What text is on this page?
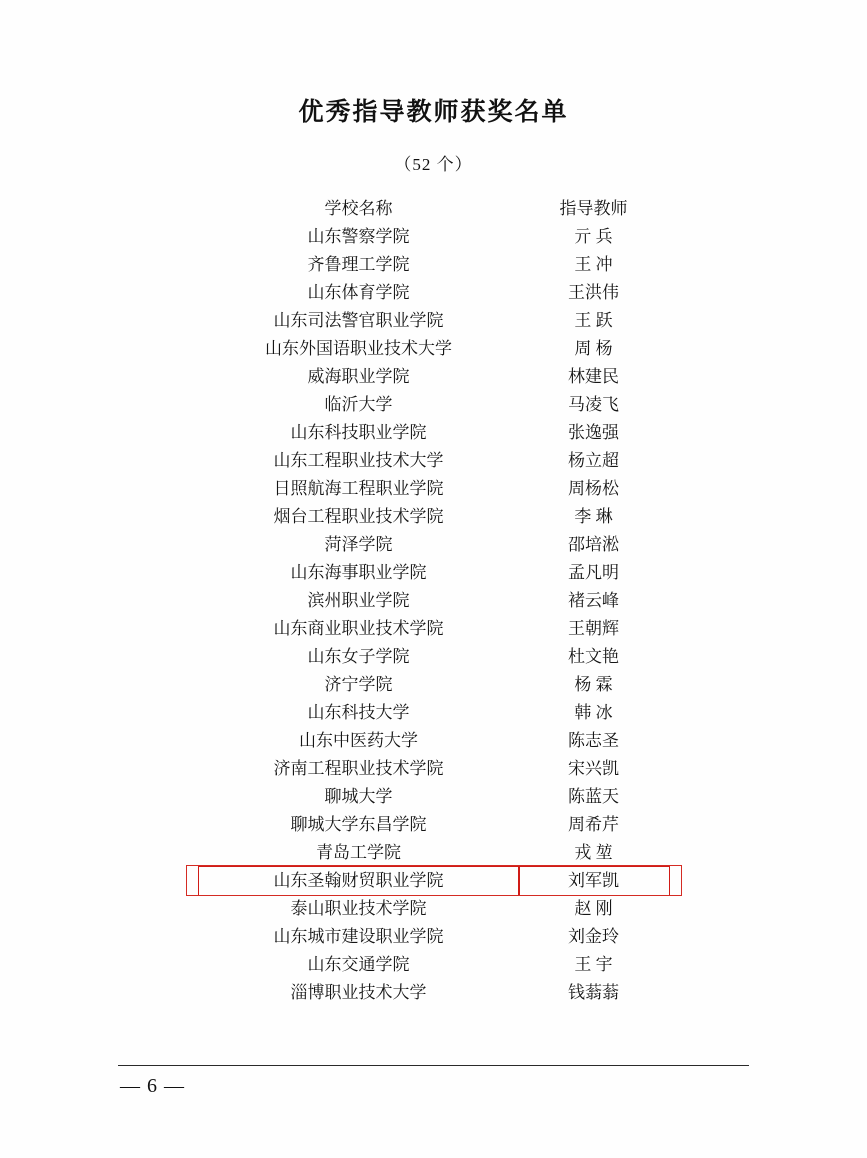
优秀指导教师获奖名单
（52 个）
学校名称	指导教师
山东警察学院	亓 兵
齐鲁理工学院	王 冲
山东体育学院	王洪伟
山东司法警官职业学院	王 跃
山东外国语职业技术大学	周 杨
威海职业学院	林建民
临沂大学	马凌飞
山东科技职业学院	张逸强
山东工程职业技术大学	杨立超
日照航海工程职业学院	周杨松
烟台工程职业技术学院	李 琳
菏泽学院	邵培淞
山东海事职业学院	孟凡明
滨州职业学院	褚云峰
山东商业职业技术学院	王朝辉
山东女子学院	杜文艳
济宁学院	杨 霖
山东科技大学	韩 冰
山东中医药大学	陈志圣
济南工程职业技术学院	宋兴凯
聊城大学	陈蓝天
聊城大学东昌学院	周希芹
青岛工学院	戎 堃
山东圣翰财贸职业学院	刘军凯
泰山职业技术学院	赵 刚
山东城市建设职业学院	刘金玲
山东交通学院	王 宇
淄博职业技术大学	钱蓊蓊
— 6 —
